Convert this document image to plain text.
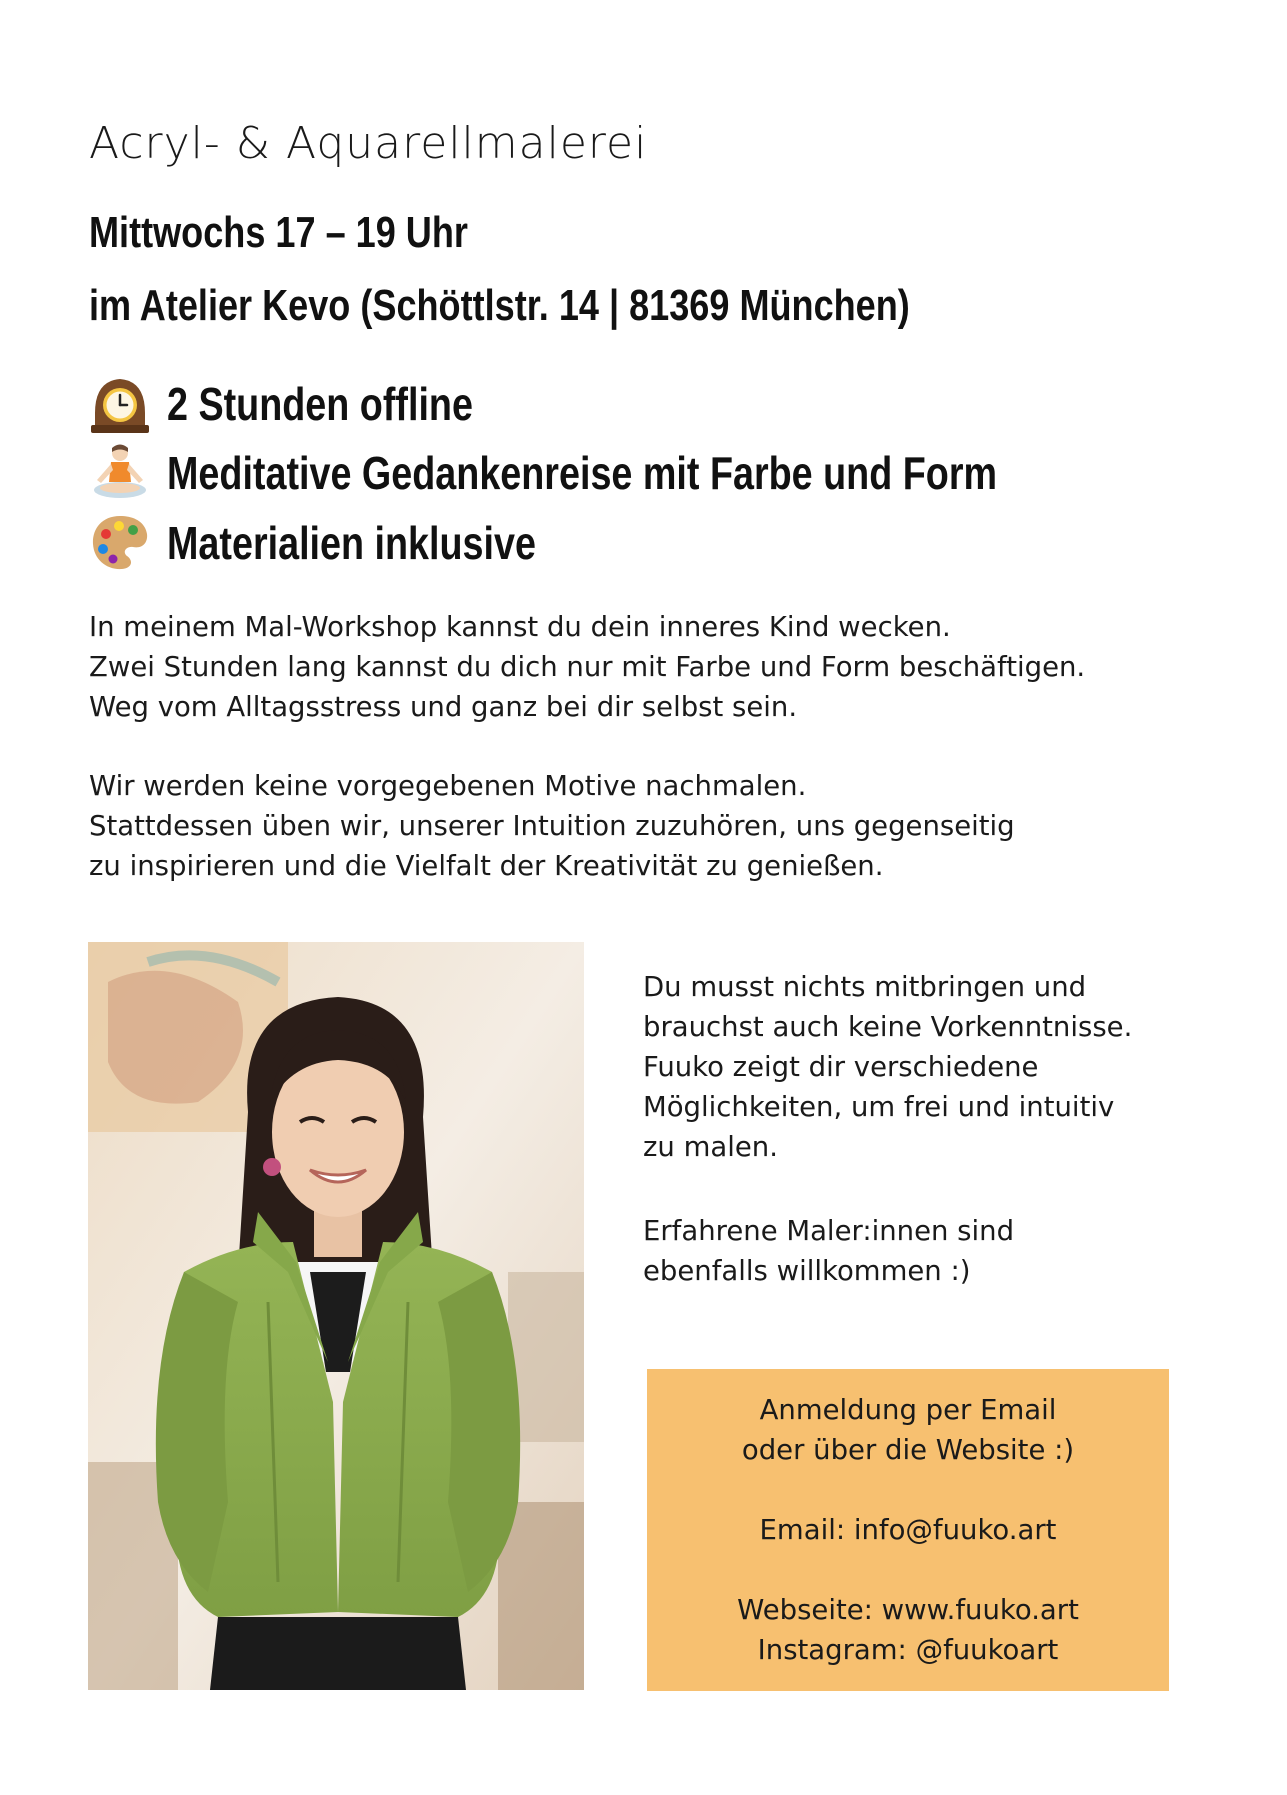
Acryl- & Aquarellmalerei
Mittwochs 17 – 19 Uhr
im Atelier Kevo (Schöttlstr. 14 | 81369 München)
2 Stunden offline
Meditative Gedankenreise mit Farbe und Form
Materialien inklusive
In meinem Mal-Workshop kannst du dein inneres Kind wecken.
Zwei Stunden lang kannst du dich nur mit Farbe und Form beschäftigen.
Weg vom Alltagsstress und ganz bei dir selbst sein.
Wir werden keine vorgegebenen Motive nachmalen.
Stattdessen üben wir, unserer Intuition zuzuhören, uns gegenseitig
zu inspirieren und die Vielfalt der Kreativität zu genießen.
Du musst nichts mitbringen und
brauchst auch keine Vorkenntnisse.
Fuuko zeigt dir verschiedene
Möglichkeiten, um frei und intuitiv
zu malen.
Erfahrene Maler:innen sind
ebenfalls willkommen :)
Anmeldung per Email
oder über die Website :)
Email: info@fuuko.art
Webseite: www.fuuko.art
Instagram: @fuukoart
